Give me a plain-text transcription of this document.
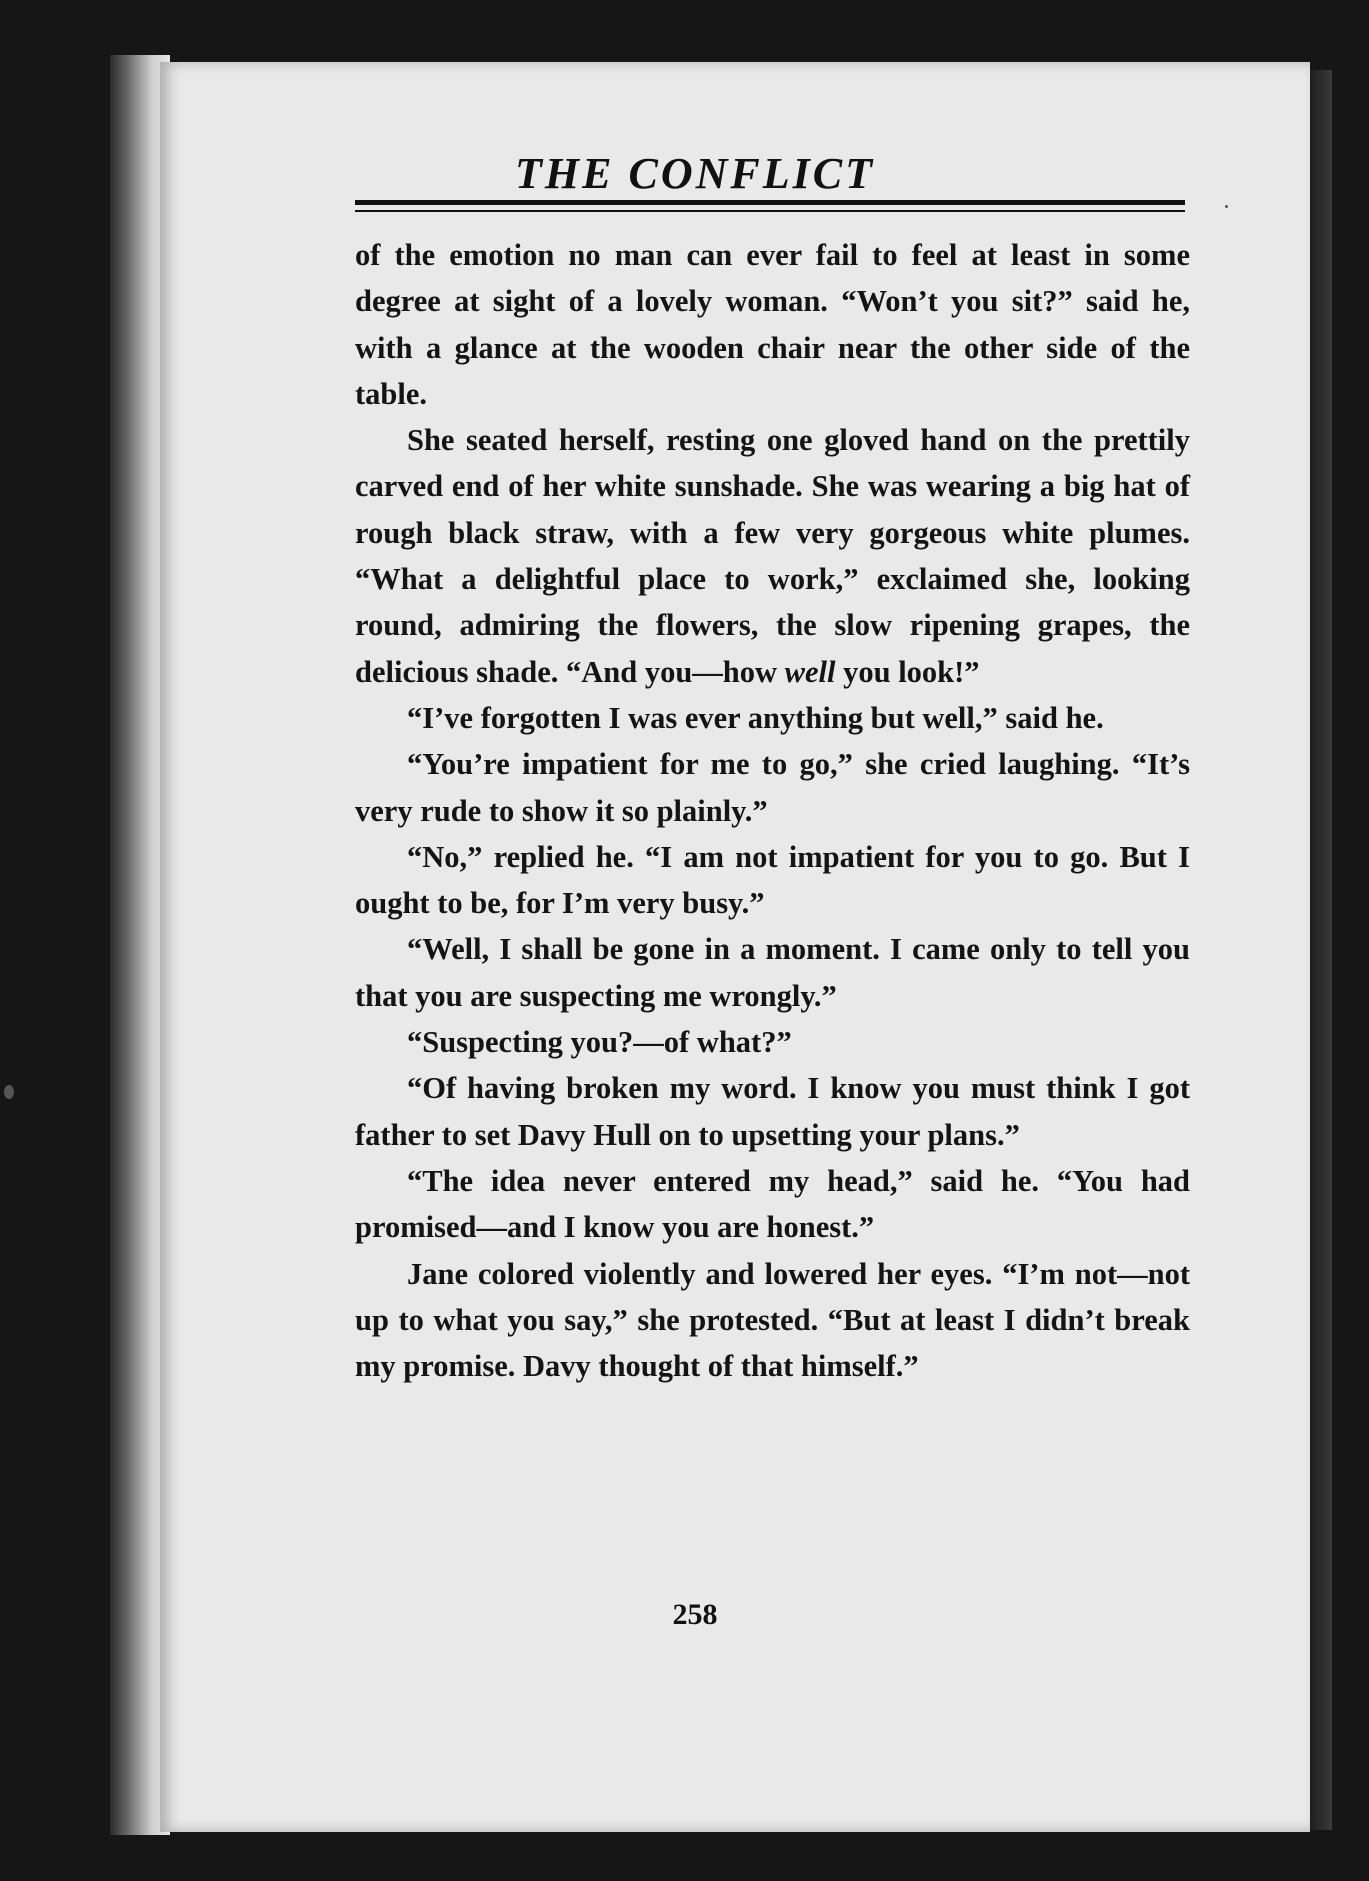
THE CONFLICT

of the emotion no man can ever fail to feel at least in some degree at sight of a lovely woman. “Won’t you sit?” said he, with a glance at the wooden chair near the other side of the table.

She seated herself, resting one gloved hand on the prettily carved end of her white sunshade. She was wearing a big hat of rough black straw, with a few very gorgeous white plumes. “What a delightful place to work,” exclaimed she, looking round, admiring the flowers, the slow ripening grapes, the delicious shade. “And you—how well you look!”

“I’ve forgotten I was ever anything but well,” said he.

“You’re impatient for me to go,” she cried laughing. “It’s very rude to show it so plainly.”

“No,” replied he. “I am not impatient for you to go. But I ought to be, for I’m very busy.”

“Well, I shall be gone in a moment. I came only to tell you that you are suspecting me wrongly.”

“Suspecting you?—of what?”

“Of having broken my word. I know you must think I got father to set Davy Hull on to upsetting your plans.”

“The idea never entered my head,” said he. “You had promised—and I know you are honest.”

Jane colored violently and lowered her eyes. “I’m not—not up to what you say,” she protested. “But at least I didn’t break my promise. Davy thought of that himself.”

258
